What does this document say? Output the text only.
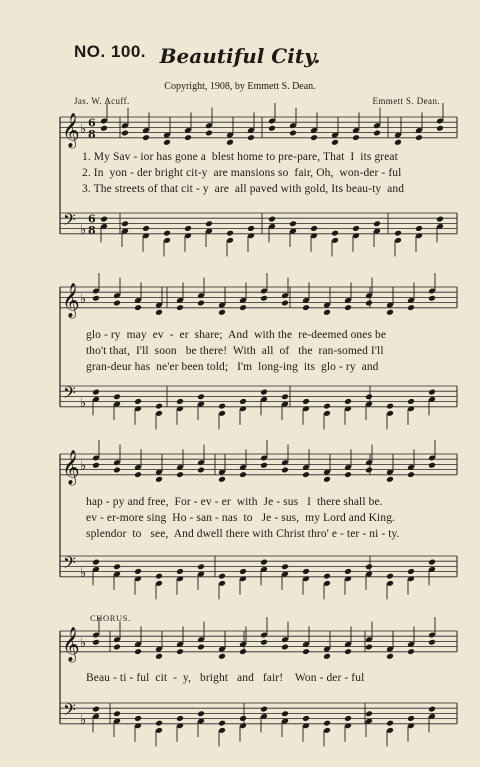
NO. 100. Beautiful City.
Copyright, 1908, by Emmett S. Dean.
Jas. W. Acuff.	Emmett S. Dean.
𝄞
𝄢
♭
♭
6
8
6
8
𝄞
𝄢
♭
♭
𝄞
𝄢
♭
♭
𝄞
𝄢
♭
♭
1. My Sav - ior has gone a  blest home to pre-pare, That  I  its great
2. In  yon - der bright cit-y  are mansions so  fair, Oh,  won-der - ful
3. The streets of that cit - y  are  all paved with gold, Its beau-ty  and
glo - ry  may  ev  -  er  share;  And  with the  re-deemed ones be
tho't that,  I'll  soon   be there!  With  all  of   the  ran-somed I'll
gran-deur has  ne'er been told;   I'm  long-ing  its  glo - ry  and
hap - py and free,  For - ev - er  with  Je - sus   I  there shall be.
ev - er-more sing  Ho - san - nas  to   Je - sus,  my Lord and King.
splendor  to   see,  And dwell there with Christ thro' e - ter - ni - ty.
CHORUS.
Beau - ti - ful  cit  -  y,   bright   and   fair!    Won - der - ful
